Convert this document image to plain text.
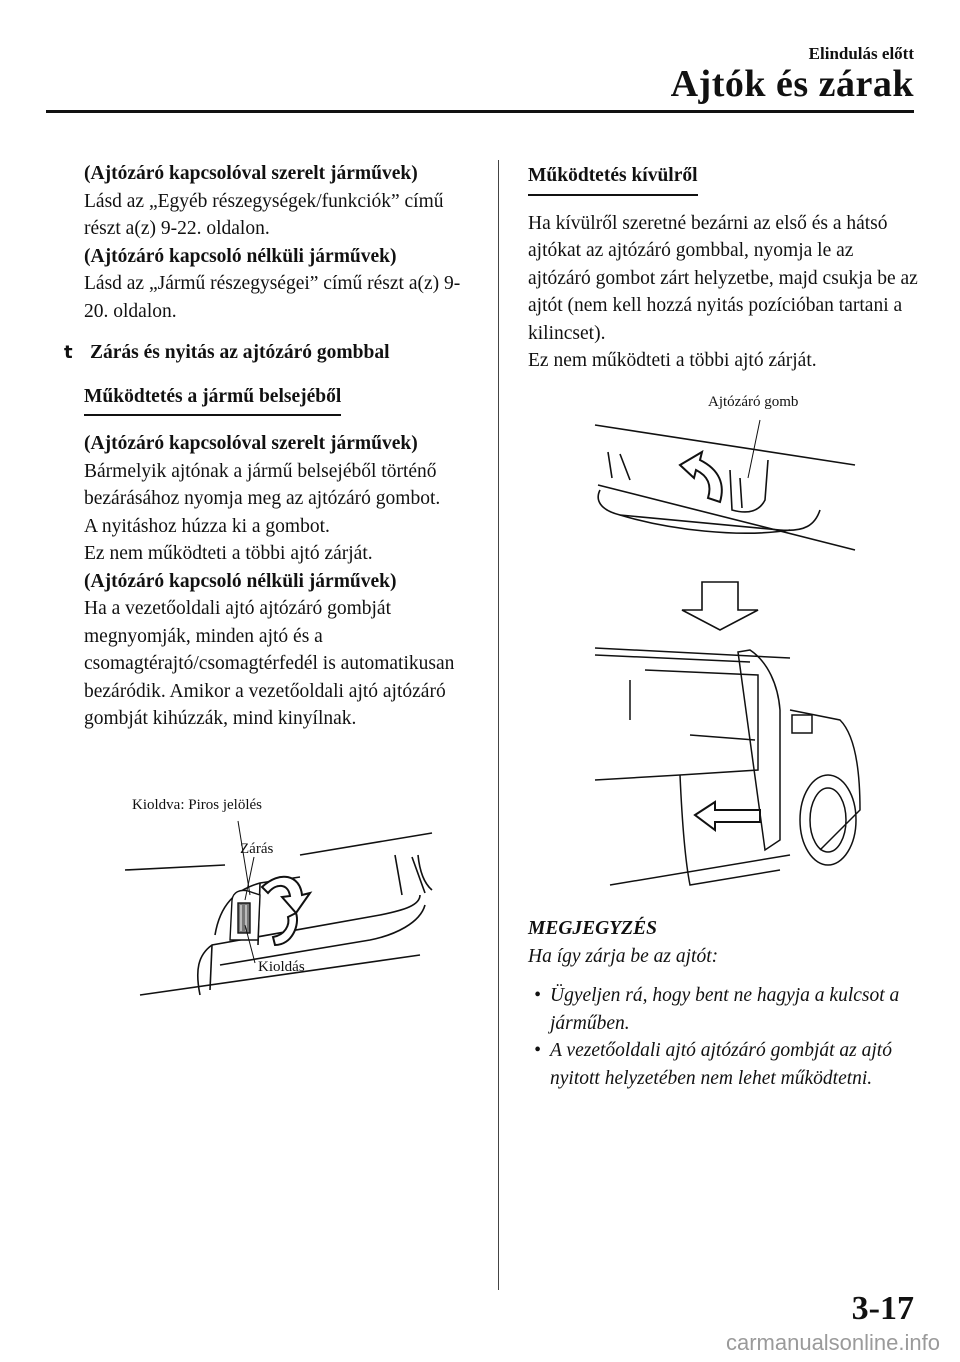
Elindulás előtt
Ajtók és zárak

(Ajtózáró kapcsolóval szerelt járművek)

Lásd az „Egyéb részegységek/funkciók” című részt a(z) 9-22. oldalon.

(Ajtózáró kapcsoló nélküli járművek)

Lásd az „Jármű részegységei” című részt a(z) 9-20. oldalon.

t Zárás és nyitás az ajtózáró gombbal

Működtetés a jármű belsejéből

(Ajtózáró kapcsolóval szerelt járművek)

Bármelyik ajtónak a jármű belsejéből történő bezárásához nyomja meg az ajtózáró gombot.

A nyitáshoz húzza ki a gombot.

Ez nem működteti a többi ajtó zárját.

(Ajtózáró kapcsoló nélküli járművek)

Ha a vezetőoldali ajtó ajtózáró gombját megnyomják, minden ajtó és a csomagtérajtó/csomagtérfedél is automatikusan bezáródik. Amikor a vezetőoldali ajtó ajtózáró gombját kihúzzák, mind kinyílnak.

Kioldva: Piros jelölés
Zárás
Kioldás
Működtetés kívülről

Ha kívülről szeretné bezárni az első és a hátsó ajtókat az ajtózáró gombbal, nyomja le az ajtózáró gombot zárt helyzetbe, majd csukja be az ajtót (nem kell hozzá nyitás pozícióban tartani a kilincset).

Ez nem működteti a többi ajtó zárját.

Ajtózáró gomb

MEGJEGYZÉS

Ha így zárja be az ajtót:

• Ügyeljen rá, hogy bent ne hagyja a kulcsot a járműben.
• A vezetőoldali ajtó ajtózáró gombját az ajtó nyitott helyzetében nem lehet működtetni.
3-17
carmanualsonline.info
